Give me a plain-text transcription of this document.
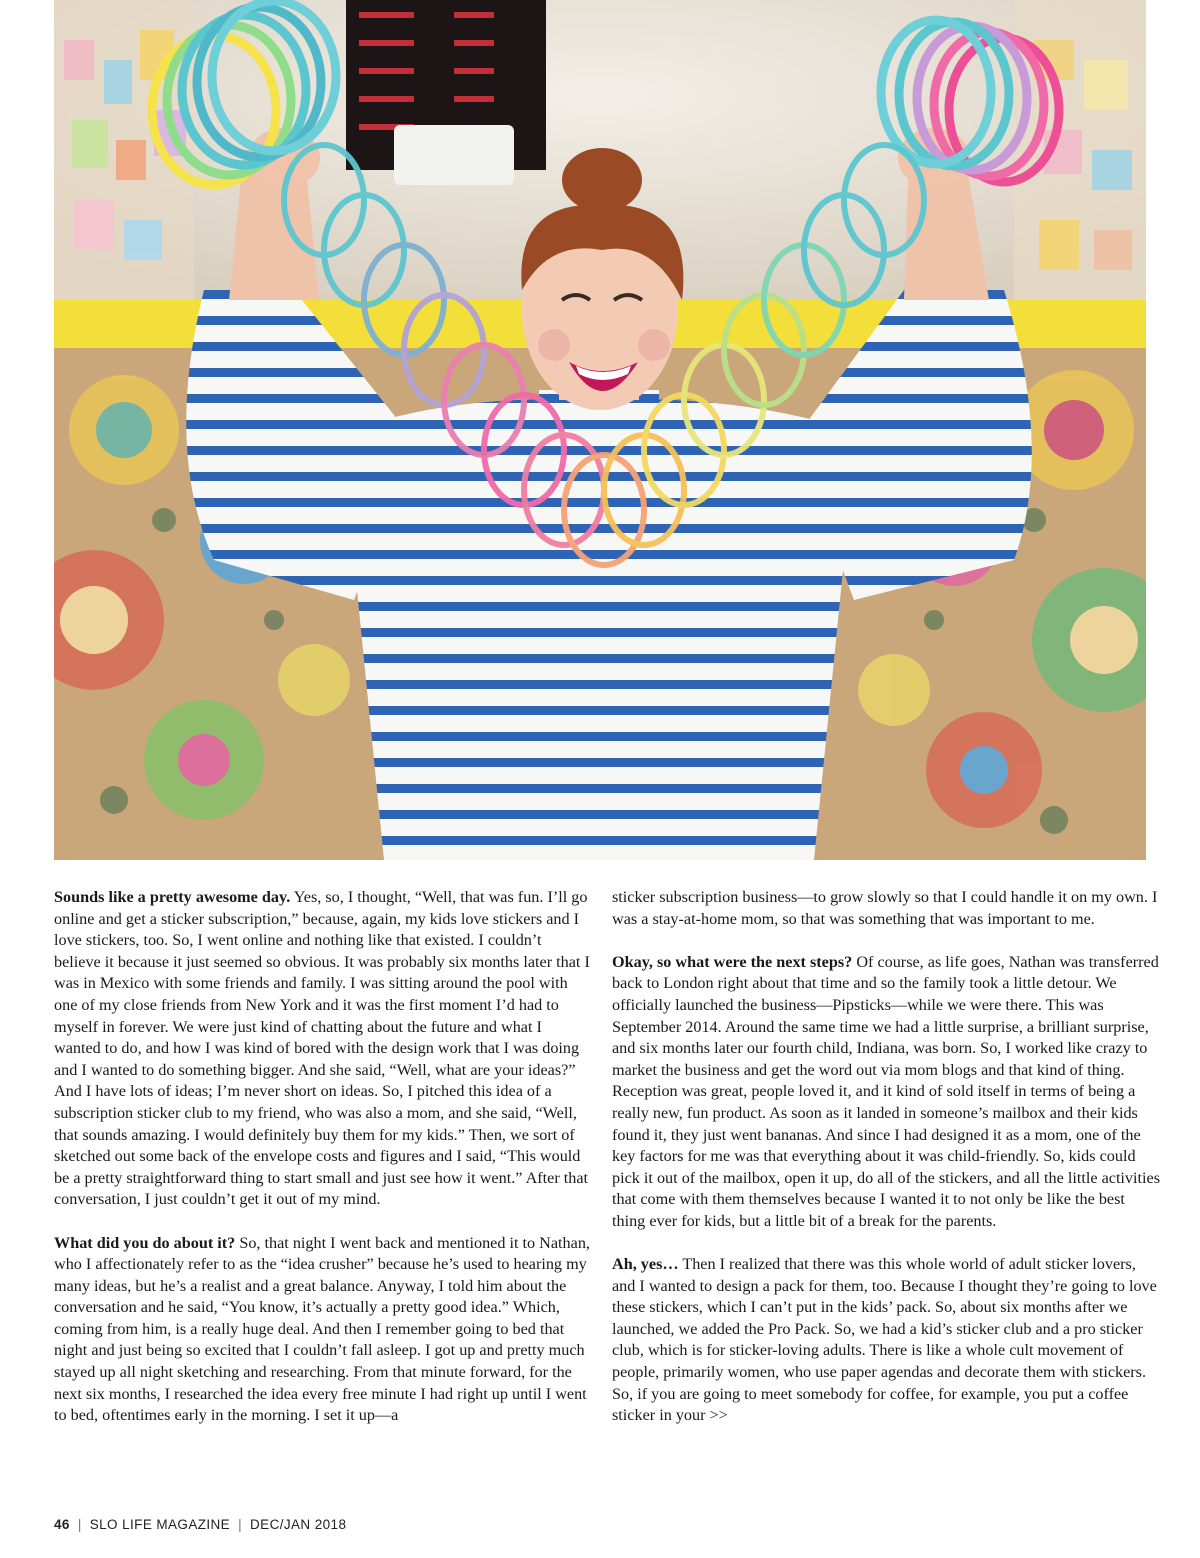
Sounds like a pretty awesome day. Yes, so, I thought, “Well, that was fun. I’ll go online and get a sticker subscription,” because, again, my kids love stickers and I love stickers, too. So, I went online and nothing like that existed. I couldn’t believe it because it just seemed so obvious. It was probably six months later that I was in Mexico with some friends and family. I was sitting around the pool with one of my close friends from New York and it was the first moment I’d had to myself in forever. We were just kind of chatting about the future and what I wanted to do, and how I was kind of bored with the design work that I was doing and I wanted to do something bigger. And she said, “Well, what are your ideas?” And I have lots of ideas; I’m never short on ideas. So, I pitched this idea of a subscription sticker club to my friend, who was also a mom, and she said, “Well, that sounds amazing. I would definitely buy them for my kids.” Then, we sort of sketched out some back of the envelope costs and figures and I said, “This would be a pretty straightforward thing to start small and just see how it went.” After that conversation, I just couldn’t get it out of my mind.

What did you do about it? So, that night I went back and mentioned it to Nathan, who I affectionately refer to as the “idea crusher” because he’s used to hearing my many ideas, but he’s a realist and a great balance. Anyway, I told him about the conversation and he said, “You know, it’s actually a pretty good idea.” Which, coming from him, is a really huge deal. And then I remember going to bed that night and just being so excited that I couldn’t fall asleep. I got up and pretty much stayed up all night sketching and researching. From that minute forward, for the next six months, I researched the idea every free minute I had right up until I went to bed, oftentimes early in the morning. I set it up—a

sticker subscription business—to grow slowly so that I could handle it on my own. I was a stay-at-home mom, so that was something that was important to me.

Okay, so what were the next steps? Of course, as life goes, Nathan was transferred back to London right about that time and so the family took a little detour. We officially launched the business—Pipsticks—while we were there. This was September 2014. Around the same time we had a little surprise, a brilliant surprise, and six months later our fourth child, Indiana, was born. So, I worked like crazy to market the business and get the word out via mom blogs and that kind of thing. Reception was great, people loved it, and it kind of sold itself in terms of being a really new, fun product. As soon as it landed in someone’s mailbox and their kids found it, they just went bananas. And since I had designed it as a mom, one of the key factors for me was that everything about it was child-friendly. So, kids could pick it out of the mailbox, open it up, do all of the stickers, and all the little activities that come with them themselves because I wanted it to not only be like the best thing ever for kids, but a little bit of a break for the parents.

Ah, yes… Then I realized that there was this whole world of adult sticker lovers, and I wanted to design a pack for them, too. Because I thought they’re going to love these stickers, which I can’t put in the kids’ pack. So, about six months after we launched, we added the Pro Pack. So, we had a kid’s sticker club and a pro sticker club, which is for sticker-loving adults. There is like a whole cult movement of people, primarily women, who use paper agendas and decorate them with stickers. So, if you are going to meet somebody for coffee, for example, you put a coffee sticker in your >>

46 | SLO LIFE MAGAZINE | DEC/JAN 2018
